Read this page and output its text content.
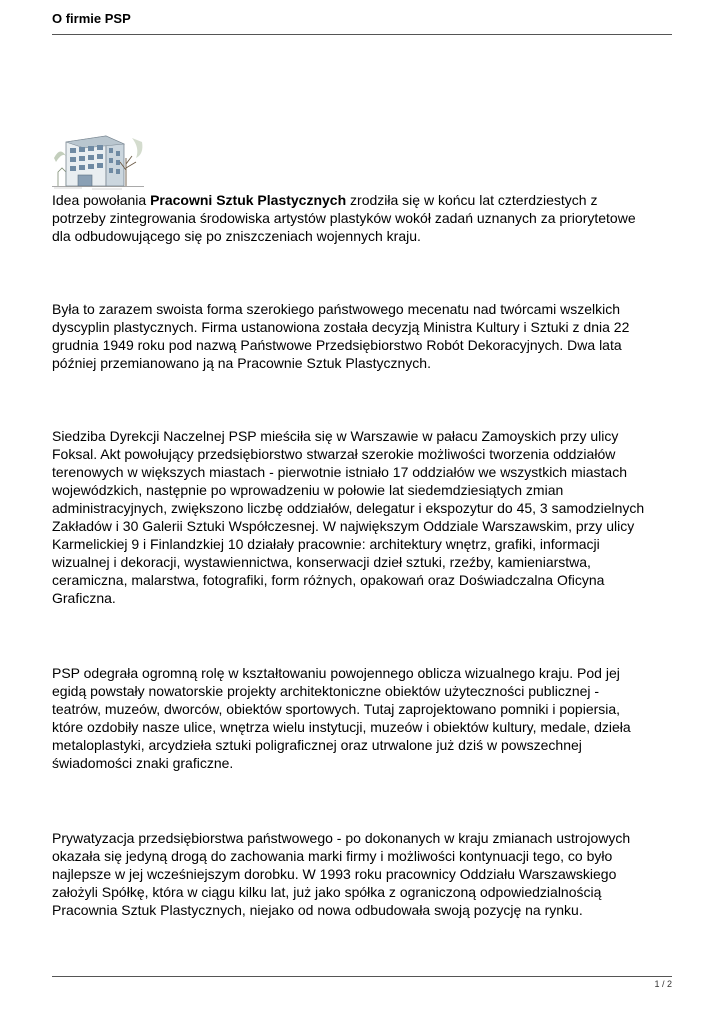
O firmie PSP

Idea powołania Pracowni Sztuk Plastycznych zrodziła się w końcu lat czterdziestych z
potrzeby zintegrowania środowiska artystów plastyków wokół zadań uznanych za priorytetowe
dla odbudowującego się po zniszczeniach wojennych kraju.

Była to zarazem swoista forma szerokiego państwowego mecenatu nad twórcami wszelkich
dyscyplin plastycznych. Firma ustanowiona została decyzją Ministra Kultury i Sztuki z dnia 22
grudnia 1949 roku pod nazwą Państwowe Przedsiębiorstwo Robót Dekoracyjnych. Dwa lata
później przemianowano ją na Pracownie Sztuk Plastycznych.

Siedziba Dyrekcji Naczelnej PSP mieściła się w Warszawie w pałacu Zamoyskich przy ulicy
Foksal. Akt powołujący przedsiębiorstwo stwarzał szerokie możliwości tworzenia oddziałów
terenowych w większych miastach - pierwotnie istniało 17 oddziałów we wszystkich miastach
wojewódzkich, następnie po wprowadzeniu w połowie lat siedemdziesiątych zmian
administracyjnych, zwiększono liczbę oddziałów, delegatur i ekspozytur do 45, 3 samodzielnych
Zakładów i 30 Galerii Sztuki Współczesnej. W największym Oddziale Warszawskim, przy ulicy
Karmelickiej 9 i Finlandzkiej 10 działały pracownie: architektury wnętrz, grafiki, informacji
wizualnej i dekoracji, wystawiennictwa, konserwacji dzieł sztuki, rzeźby, kamieniarstwa,
ceramiczna, malarstwa, fotografiki, form różnych, opakowań oraz Doświadczalna Oficyna
Graficzna.

PSP odegrała ogromną rolę w kształtowaniu powojennego oblicza wizualnego kraju. Pod jej
egidą powstały nowatorskie projekty architektoniczne obiektów użyteczności publicznej -
teatrów, muzeów, dworców, obiektów sportowych. Tutaj zaprojektowano pomniki i popiersia,
które ozdobiły nasze ulice, wnętrza wielu instytucji, muzeów i obiektów kultury, medale, dzieła
metaloplastyki, arcydzieła sztuki poligraficznej oraz utrwalone już dziś w powszechnej
świadomości znaki graficzne.

Prywatyzacja przedsiębiorstwa państwowego - po dokonanych w kraju zmianach ustrojowych
okazała się jedyną drogą do zachowania marki firmy i możliwości kontynuacji tego, co było
najlepsze w jej wcześniejszym dorobku. W 1993 roku pracownicy Oddziału Warszawskiego
założyli Spółkę, która w ciągu kilku lat, już jako spółka z ograniczoną odpowiedzialnością
Pracownia Sztuk Plastycznych, niejako od nowa odbudowała swoją pozycję na rynku.

1 / 2
